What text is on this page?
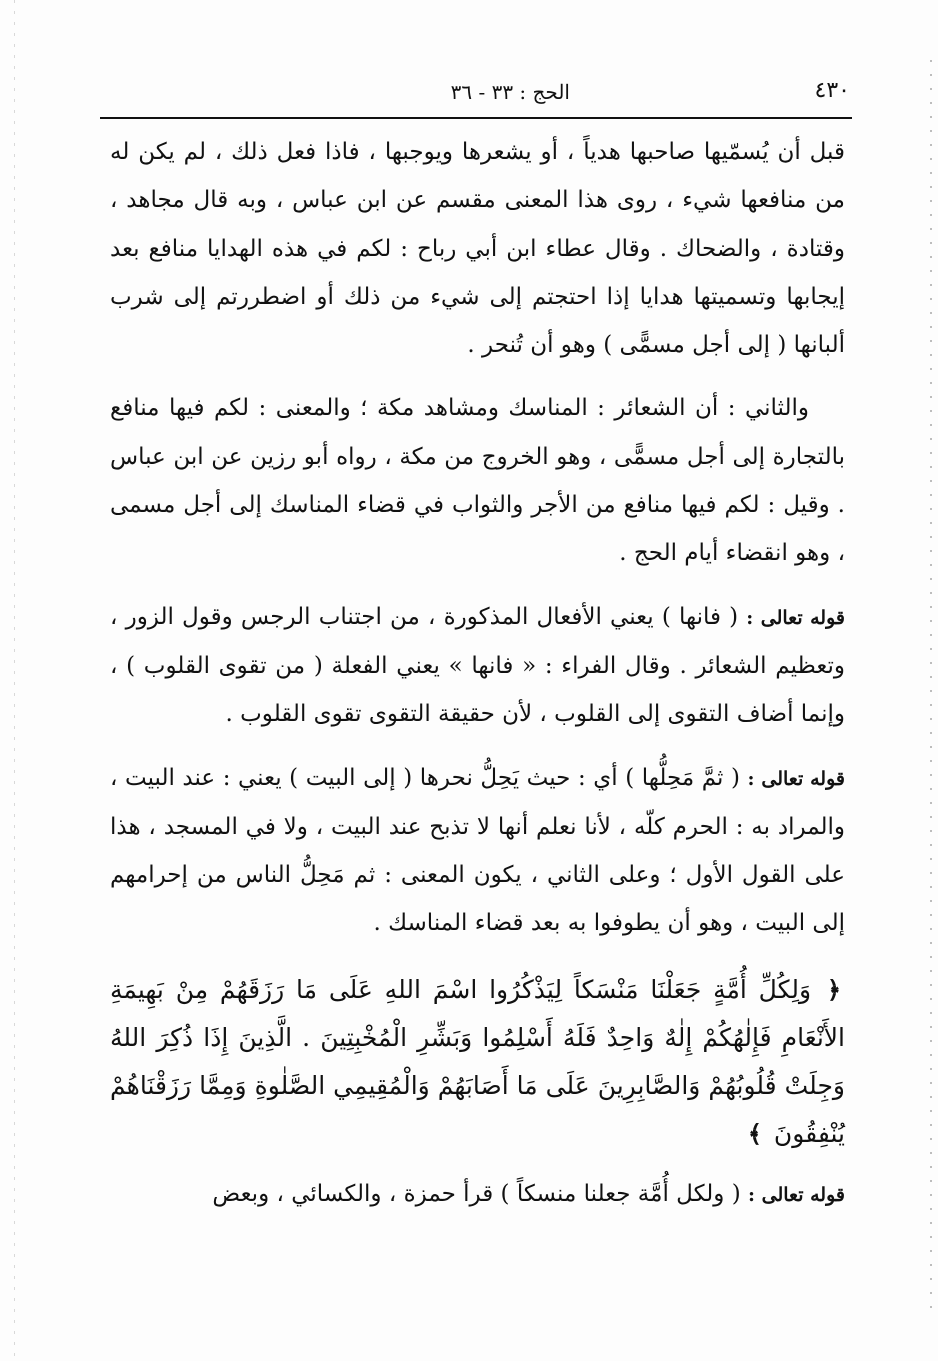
٤٣٠
الحج : ٣٣ - ٣٦

قبل أن يُسمّيها صاحبها هدياً ، أو يشعرها ويوجبها ، فاذا فعل ذلك ، لم يكن له من منافعها شيء ، روى هذا المعنى مقسم عن ابن عباس ، وبه قال مجاهد ، وقتادة ، والضحاك . وقال عطاء ابن أبي رباح : لكم في هذه الهدايا منافع بعد إيجابها وتسميتها هدايا إذا احتجتم إلى شيء من ذلك أو اضطررتم إلى شرب ألبانها ( إلى أجل مسمًّى ) وهو أن تُنحر .

والثاني : أن الشعائر : المناسك ومشاهد مكة ؛ والمعنى : لكم فيها منافع بالتجارة إلى أجل مسمًّى ، وهو الخروج من مكة ، رواه أبو رزين عن ابن عباس . وقيل : لكم فيها منافع من الأجر والثواب في قضاء المناسك إلى أجل مسمى ، وهو انقضاء أيام الحج .

قوله تعالى : ( فانها ) يعني الأفعال المذكورة ، من اجتناب الرجس وقول الزور ، وتعظيم الشعائر . وقال الفراء : « فانها » يعني الفعلة ( من تقوى القلوب ) ، وإنما أضاف التقوى إلى القلوب ، لأن حقيقة التقوى تقوى القلوب .

قوله تعالى : ( ثمَّ مَحِلُّها ) أي : حيث يَحِلُّ نحرها ( إلى البيت ) يعني : عند البيت ، والمراد به : الحرم كلّه ، لأنا نعلم أنها لا تذبح عند البيت ، ولا في المسجد ، هذا على القول الأول ؛ وعلى الثاني ، يكون المعنى : ثم مَحِلُّ الناس من إحرامهم إلى البيت ، وهو أن يطوفوا به بعد قضاء المناسك .

﴿ وَلِكُلِّ أُمَّةٍ جَعَلْنَا مَنْسَكاً لِيَذْكُرُوا اسْمَ اللهِ عَلَى مَا رَزَقَهُمْ مِنْ بَهِيمَةِ الأَنْعَامِ فَإِلٰهُكُمْ إِلٰهٌ وَاحِدٌ فَلَهُ أَسْلِمُوا وَبَشِّرِ الْمُخْبِتِينَ . الَّذِينَ إِذَا ذُكِرَ اللهُ وَجِلَتْ قُلُوبُهُمْ وَالصَّابِرِينَ عَلَى مَا أَصَابَهُمْ وَالْمُقِيمِي الصَّلٰوةِ وَمِمَّا رَزَقْنَاهُمْ يُنْفِقُونَ ﴾

قوله تعالى : ( ولكل أُمَّة جعلنا منسكاً ) قرأ حمزة ، والكسائي ، وبعض
